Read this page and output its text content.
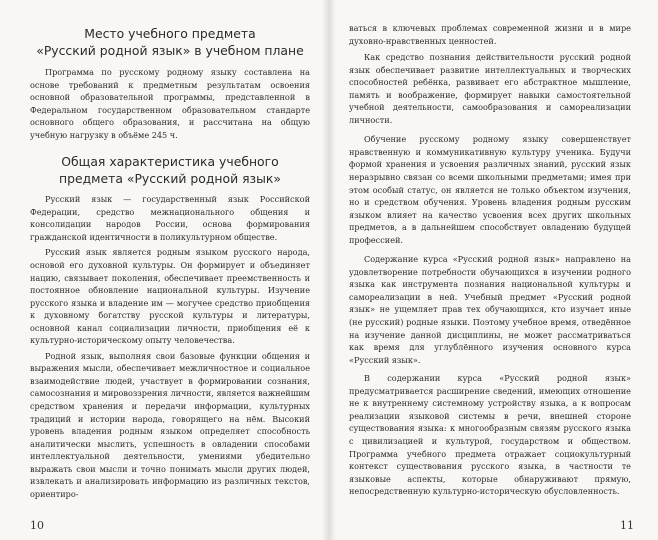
Место учебного предмета
«Русский родной язык» в учебном плане

Программа по русскому родному языку составлена на основе требований к предметным результатам освоения основной образовательной программы, представленной в Федеральном государственном образовательном стандарте основного общего образования, и рассчитана на общую учебную нагрузку в объёме 245 ч.

Общая характеристика учебного
предмета «Русский родной язык»

Русский язык — государственный язык Российской Федерации, средство межнационального общения и консолидации народов России, основа формирования гражданской идентичности в поликультурном обществе.

Русский язык является родным языком русского народа, основой его духовной культуры. Он формирует и объединяет нацию, связывает поколения, обеспечивает преемственность и постоянное обновление национальной культуры. Изучение русского языка и владение им — могучее средство приобщения к духовному богатству русской культуры и литературы, основной канал социализации личности, приобщения её к культурно-историческому опыту человечества.

Родной язык, выполняя свои базовые функции общения и выражения мысли, обеспечивает межличностное и социальное взаимодействие людей, участвует в формировании сознания, самосознания и мировоззрения личности, является важнейшим средством хранения и передачи информации, культурных традиций и истории народа, говорящего на нём. Высокий уровень владения родным языком определяет способность аналитически мыслить, успешность в овладении способами интеллектуальной деятельности, умениями убедительно выражать свои мысли и точно понимать мысли других людей, извлекать и анализировать информацию из различных текстов, ориентиро-

10

ваться в ключевых проблемах современной жизни и в мире духовно-нравственных ценностей.

Как средство познания действительности русский родной язык обеспечивает развитие интеллектуальных и творческих способностей ребёнка, развивает его абстрактное мышление, память и воображение, формирует навыки самостоятельной учебной деятельности, самообразования и самореализации личности.

Обучение русскому родному языку совершенствует нравственную и коммуникативную культуру ученика. Будучи формой хранения и усвоения различных знаний, русский язык неразрывно связан со всеми школьными предметами; имея при этом особый статус, он является не только объектом изучения, но и средством обучения. Уровень владения родным русским языком влияет на качество усвоения всех других школьных предметов, а в дальнейшем способствует овладению будущей профессией.

Содержание курса «Русский родной язык» направлено на удовлетворение потребности обучающихся в изучении родного языка как инструмента познания национальной культуры и самореализации в ней. Учебный предмет «Русский родной язык» не ущемляет прав тех обучающихся, кто изучает иные (не русский) родные языки. Поэтому учебное время, отведённое на изучение данной дисциплины, не может рассматриваться как время для углублённого изучения основного курса «Русский язык».

В содержании курса «Русский родной язык» предусматривается расширение сведений, имеющих отношение не к внутреннему системному устройству языка, а к вопросам реализации языковой системы в речи, внешней стороне существования языка: к многообразным связям русского языка с цивилизацией и культурой, государством и обществом. Программа учебного предмета отражает социокультурный контекст существования русского языка, в частности те языковые аспекты, которые обнаруживают прямую, непосредственную культурно-историческую обусловленность.

11
